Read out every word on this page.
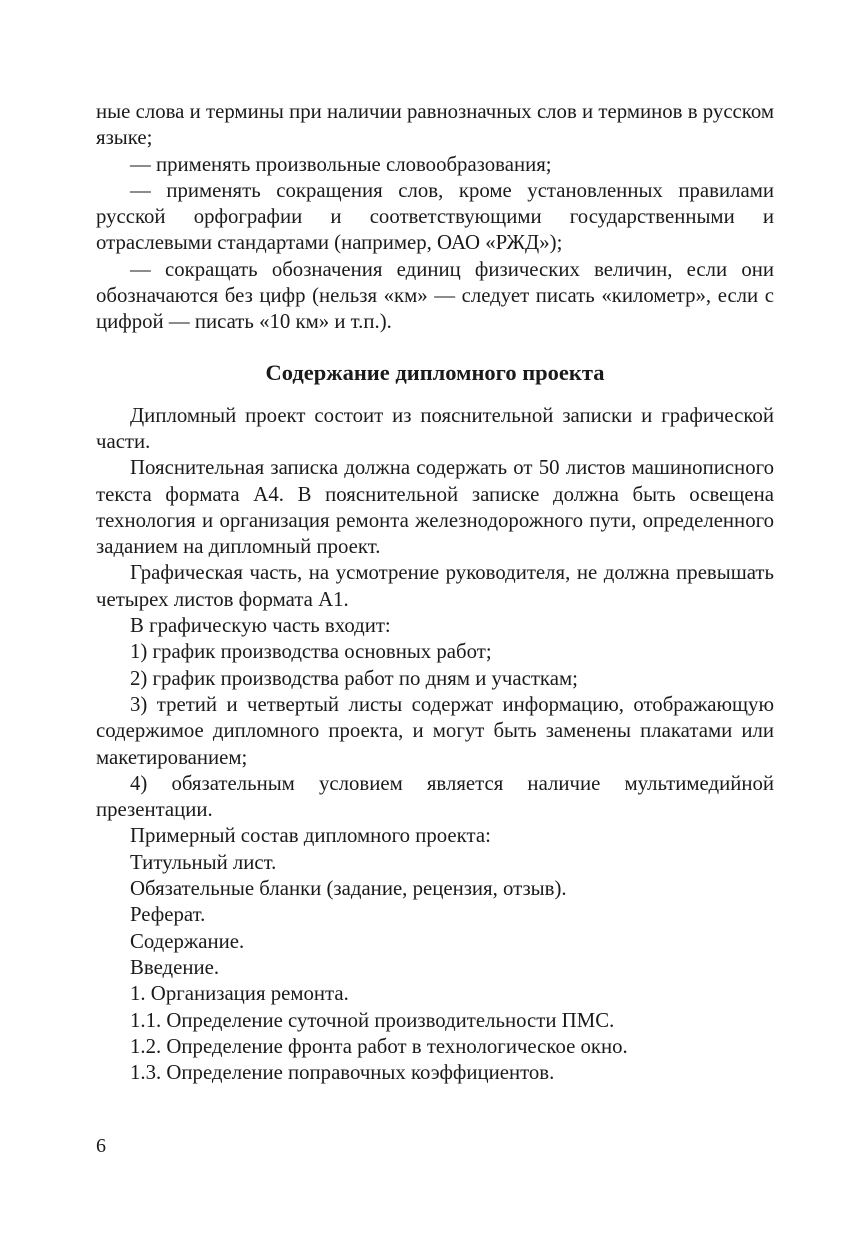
ные слова и термины при наличии равнозначных слов и терминов в русском языке;

— применять произвольные словообразования;

— применять сокращения слов, кроме установленных правилами русской орфографии и соответствующими государственными и отраслевыми стандартами (например, ОАО «РЖД»);

— сокращать обозначения единиц физических величин, если они обозначаются без цифр (нельзя «км» — следует писать «километр», если с цифрой — писать «10 км» и т.п.).

Содержание дипломного проекта

Дипломный проект состоит из пояснительной записки и графической части.

Пояснительная записка должна содержать от 50 листов машинописного текста формата А4. В пояснительной записке должна быть освещена технология и организация ремонта железнодорожного пути, определенного заданием на дипломный проект.

Графическая часть, на усмотрение руководителя, не должна превышать четырех листов формата А1.

В графическую часть входит:

1) график производства основных работ;

2) график производства работ по дням и участкам;

3) третий и четвертый листы содержат информацию, отображающую содержимое дипломного проекта, и могут быть заменены плакатами или макетированием;

4) обязательным условием является наличие мультимедийной презентации.

Примерный состав дипломного проекта:

Титульный лист.

Обязательные бланки (задание, рецензия, отзыв).

Реферат.

Содержание.

Введение.

1. Организация ремонта.

1.1. Определение суточной производительности ПМС.

1.2. Определение фронта работ в технологическое окно.

1.3. Определение поправочных коэффициентов.

6
